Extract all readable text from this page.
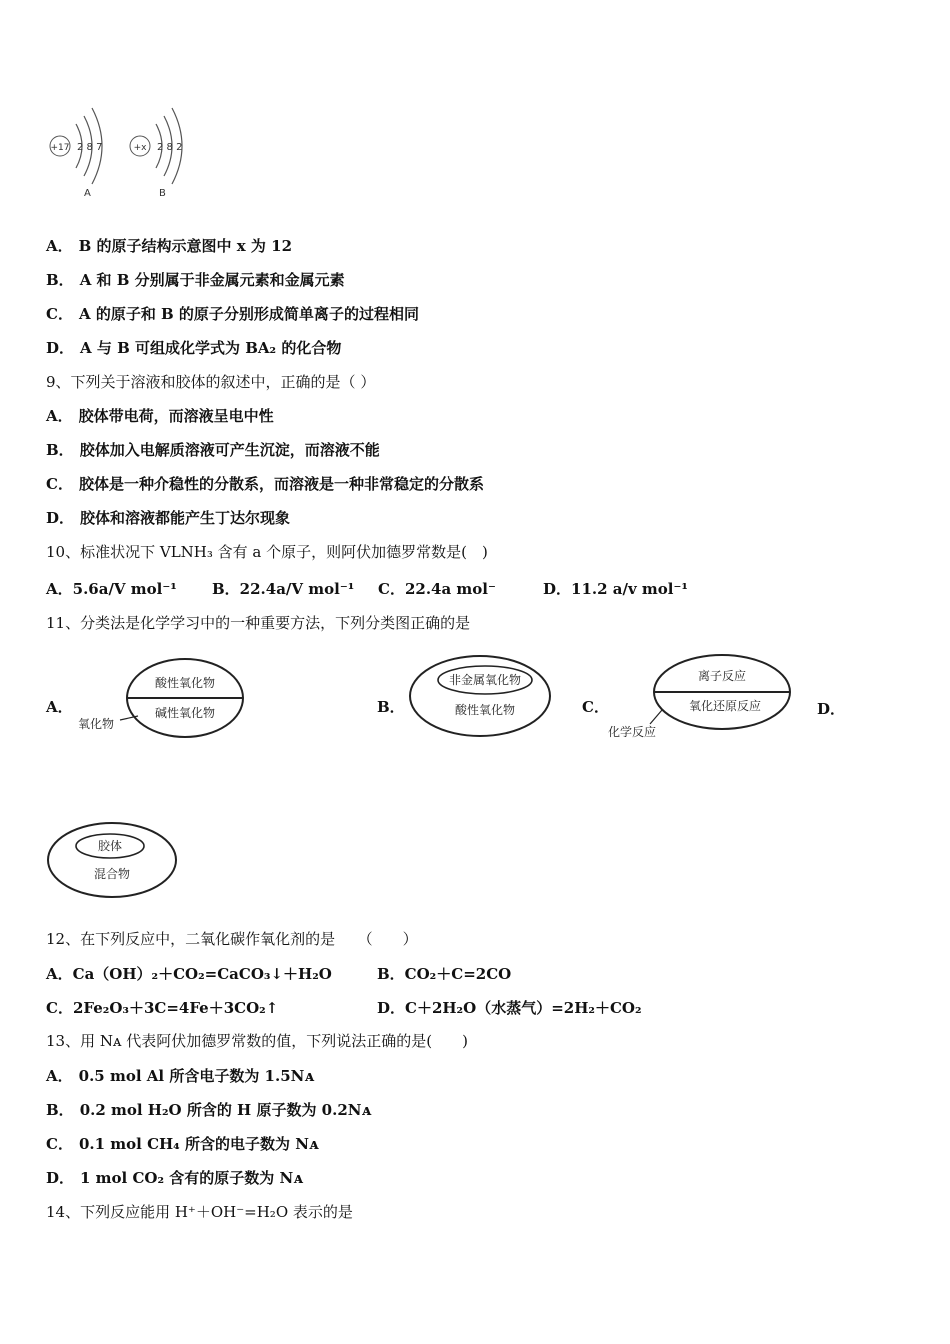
+17 2 8 7
A
+x 2 8 2
B
A． B 的原子结构示意图中 x 为 12
B． A 和 B 分别属于非金属元素和金属元素
C． A 的原子和 B 的原子分别形成简单离子的过程相同
D． A 与 B 可组成化学式为 BA₂ 的化合物
9、下列关于溶液和胶体的叙述中，正确的是（ ）
A． 胶体带电荷，而溶液呈电中性
B． 胶体加入电解质溶液可产生沉淀，而溶液不能
C． 胶体是一种介稳性的分散系，而溶液是一种非常稳定的分散系
D． 胶体和溶液都能产生丁达尔现象
10、标准状况下 VLNH₃ 含有 a 个原子，则阿伏加德罗常数是(　)
A．5.6a/V mol⁻¹ B．22.4a/V mol⁻¹ C．22.4a mol⁻	D．11.2 a/v mol⁻¹
11、分类法是化学学习中的一种重要方法，下列分类图正确的是
A．
酸性氧化物
碱性氧化物
氧化物
B．
非金属氧化物
酸性氧化物	C．
离子反应
氧化还原反应
化学反应
D．
胶体
混合物
12、在下列反应中，二氧化碳作氧化剂的是　　（　　）
A．Ca（OH）₂＋CO₂=CaCO₃↓＋H₂O	B．CO₂＋C=2CO
C．2Fe₂O₃＋3C=4Fe＋3CO₂↑	D．C＋2H₂O（水蒸气）=2H₂＋CO₂
13、用 Nᴀ 代表阿伏加德罗常数的值，下列说法正确的是(　　)
A． 0.5 mol Al 所含电子数为 1.5Nᴀ
B． 0.2 mol H₂O 所含的 H 原子数为 0.2Nᴀ
C． 0.1 mol CH₄ 所含的电子数为 Nᴀ
D． 1 mol CO₂ 含有的原子数为 Nᴀ
14、下列反应能用 H⁺＋OH⁻=H₂O 表示的是
